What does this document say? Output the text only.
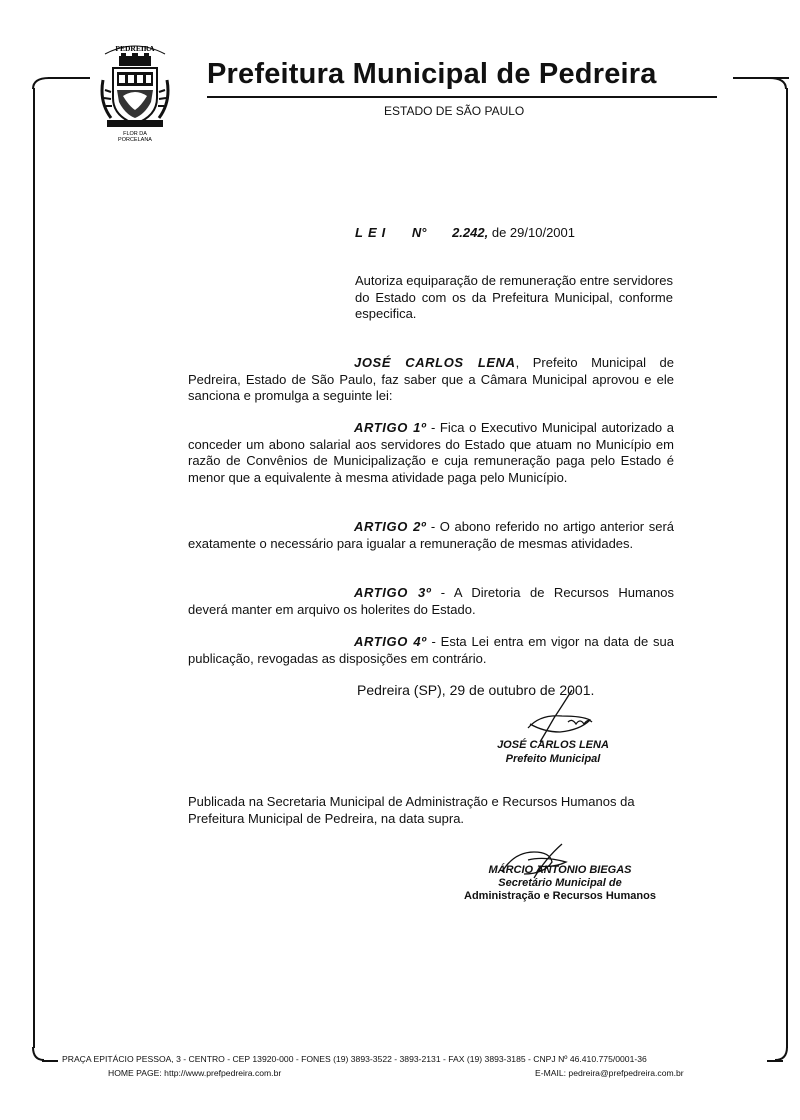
PEDREIRA
FLOR DA
PORCELANA
Prefeitura Municipal de Pedreira
ESTADO DE SÃO PAULO
LEI N° 2.242, de 29/10/2001
Autoriza equiparação de remuneração entre servidores do Estado com os da Prefeitura Municipal, conforme especifica.
JOSÉ CARLOS LENA, Prefeito Municipal de Pedreira, Estado de São Paulo, faz saber que a Câmara Municipal aprovou e ele sanciona e promulga a seguinte lei:
ARTIGO 1º - Fica o Executivo Municipal autorizado a conceder um abono salarial aos servidores do Estado que atuam no Município em razão de Convênios de Municipalização e cuja remuneração paga pelo Estado é menor que a equivalente à mesma atividade paga pelo Município.
ARTIGO 2º - O abono referido no artigo anterior será exatamente o necessário para igualar a remuneração de mesmas atividades.
ARTIGO 3º - A Diretoria de Recursos Humanos deverá manter em arquivo os holerites do Estado.
ARTIGO 4º - Esta Lei entra em vigor na data de sua publicação, revogadas as disposições em contrário.
Pedreira (SP), 29 de outubro de 2001.
JOSÉ CARLOS LENA
Prefeito Municipal
Publicada na Secretaria Municipal de Administração e Recursos Humanos da Prefeitura Municipal de Pedreira, na data supra.
MÁRCIO ANTONIO BIEGAS
Secretário Municipal de
Administração e Recursos Humanos
PRAÇA EPITÁCIO PESSOA, 3 - CENTRO - CEP 13920-000 - FONES (19) 3893-3522 - 3893-2131 - FAX (19) 3893-3185 - CNPJ Nº 46.410.775/0001-36
HOME PAGE: http://www.prefpedreira.com.br	E-MAIL: pedreira@prefpedreira.com.br
